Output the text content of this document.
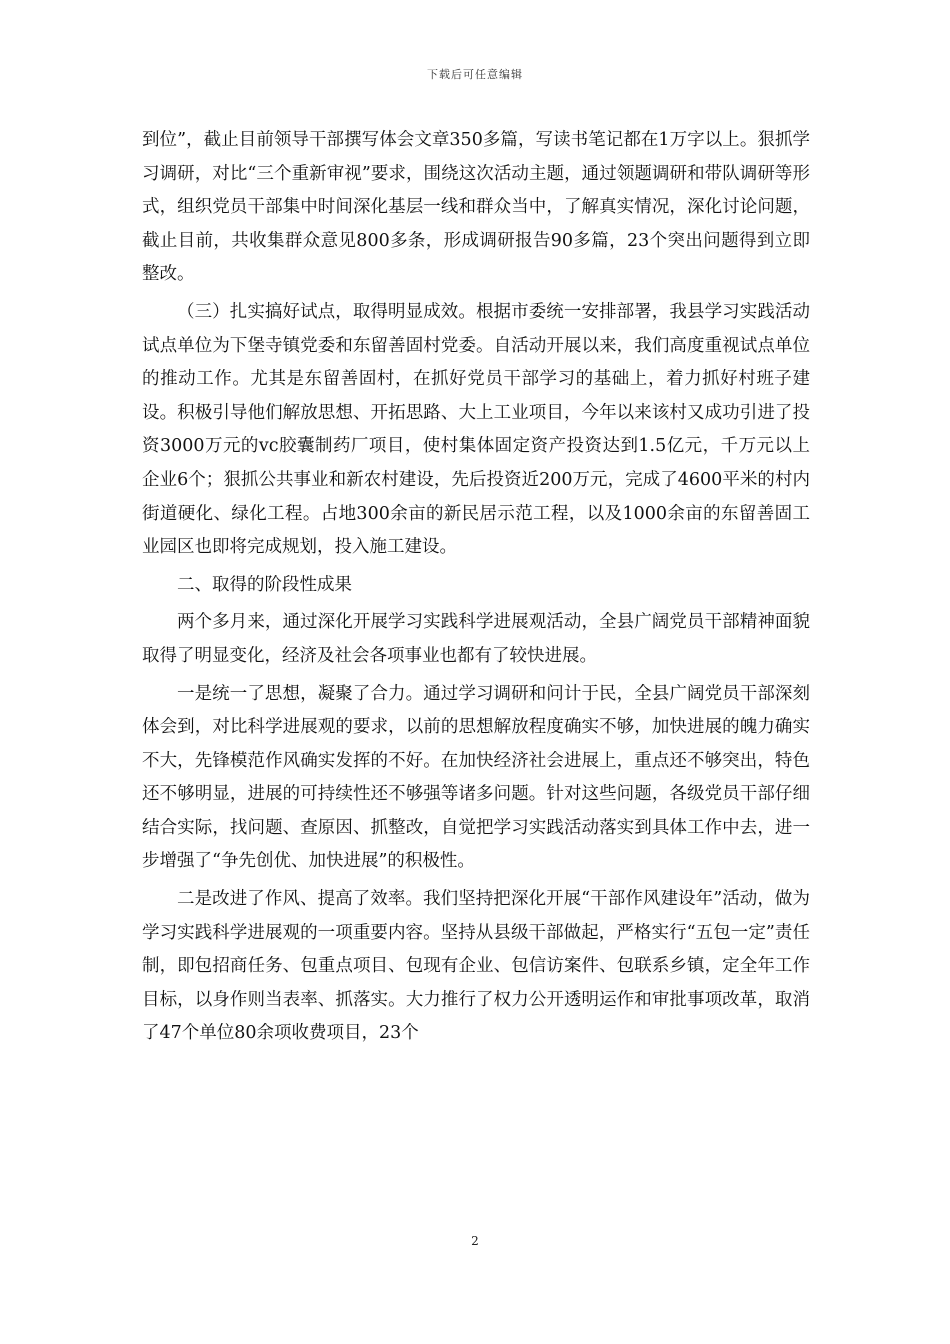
下载后可任意编辑

到位”，截止目前领导干部撰写体会文章350多篇，写读书笔记都在1万字以上。狠抓学习调研，对比“三个重新审视”要求，围绕这次活动主题，通过领题调研和带队调研等形式，组织党员干部集中时间深化基层一线和群众当中，了解真实情况，深化讨论问题，截止目前，共收集群众意见800多条，形成调研报告90多篇，23个突出问题得到立即整改。

（三）扎实搞好试点，取得明显成效。根据市委统一安排部署，我县学习实践活动试点单位为下堡寺镇党委和东留善固村党委。自活动开展以来，我们高度重视试点单位的推动工作。尤其是东留善固村，在抓好党员干部学习的基础上，着力抓好村班子建设。积极引导他们解放思想、开拓思路、大上工业项目，今年以来该村又成功引进了投资3000万元的vc胶囊制药厂项目，使村集体固定资产投资达到1.5亿元，千万元以上企业6个；狠抓公共事业和新农村建设，先后投资近200万元，完成了4600平米的村内街道硬化、绿化工程。占地300余亩的新民居示范工程，以及1000余亩的东留善固工业园区也即将完成规划，投入施工建设。

二、取得的阶段性成果

两个多月来，通过深化开展学习实践科学进展观活动，全县广阔党员干部精神面貌取得了明显变化，经济及社会各项事业也都有了较快进展。

一是统一了思想，凝聚了合力。通过学习调研和问计于民，全县广阔党员干部深刻体会到，对比科学进展观的要求，以前的思想解放程度确实不够，加快进展的魄力确实不大，先锋模范作风确实发挥的不好。在加快经济社会进展上，重点还不够突出，特色还不够明显，进展的可持续性还不够强等诸多问题。针对这些问题，各级党员干部仔细结合实际，找问题、查原因、抓整改，自觉把学习实践活动落实到具体工作中去，进一步增强了“争先创优、加快进展”的积极性。

二是改进了作风、提高了效率。我们坚持把深化开展“干部作风建设年”活动，做为学习实践科学进展观的一项重要内容。坚持从县级干部做起，严格实行“五包一定”责任制，即包招商任务、包重点项目、包现有企业、包信访案件、包联系乡镇，定全年工作目标，以身作则当表率、抓落实。大力推行了权力公开透明运作和审批事项改革，取消了47个单位80余项收费项目，23个

2
